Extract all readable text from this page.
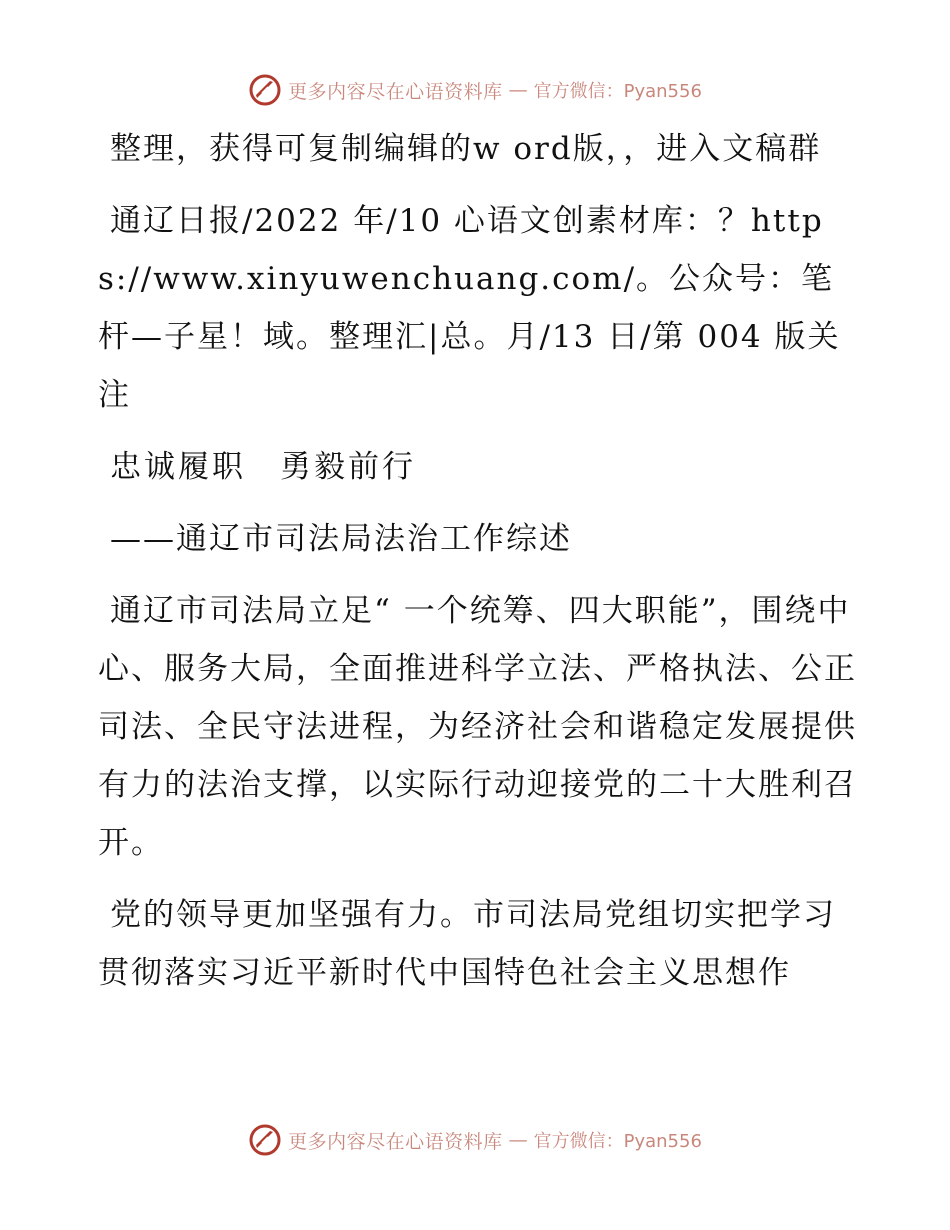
更多内容尽在心语资料库 — 官方微信：Pyan556

整理，获得可复制编辑的w ord版，，进入文稿群

通辽日报/2022 年/10 心语文创素材库：？https://www.xinyuwenchuang.com/。公众号：笔杆—子星！域。整理汇|总。月/13 日/第 004 版关注

忠诚履职　勇毅前行

——通辽市司法局法治工作综述

通辽市司法局立足“ 一个统筹、四大职能”，围绕中心、服务大局，全面推进科学立法、严格执法、公正司法、全民守法进程，为经济社会和谐稳定发展提供有力的法治支撑，以实际行动迎接党的二十大胜利召开。

党的领导更加坚强有力。市司法局党组切实把学习贯彻落实习近平新时代中国特色社会主义思想作

更多内容尽在心语资料库 — 官方微信：Pyan556
